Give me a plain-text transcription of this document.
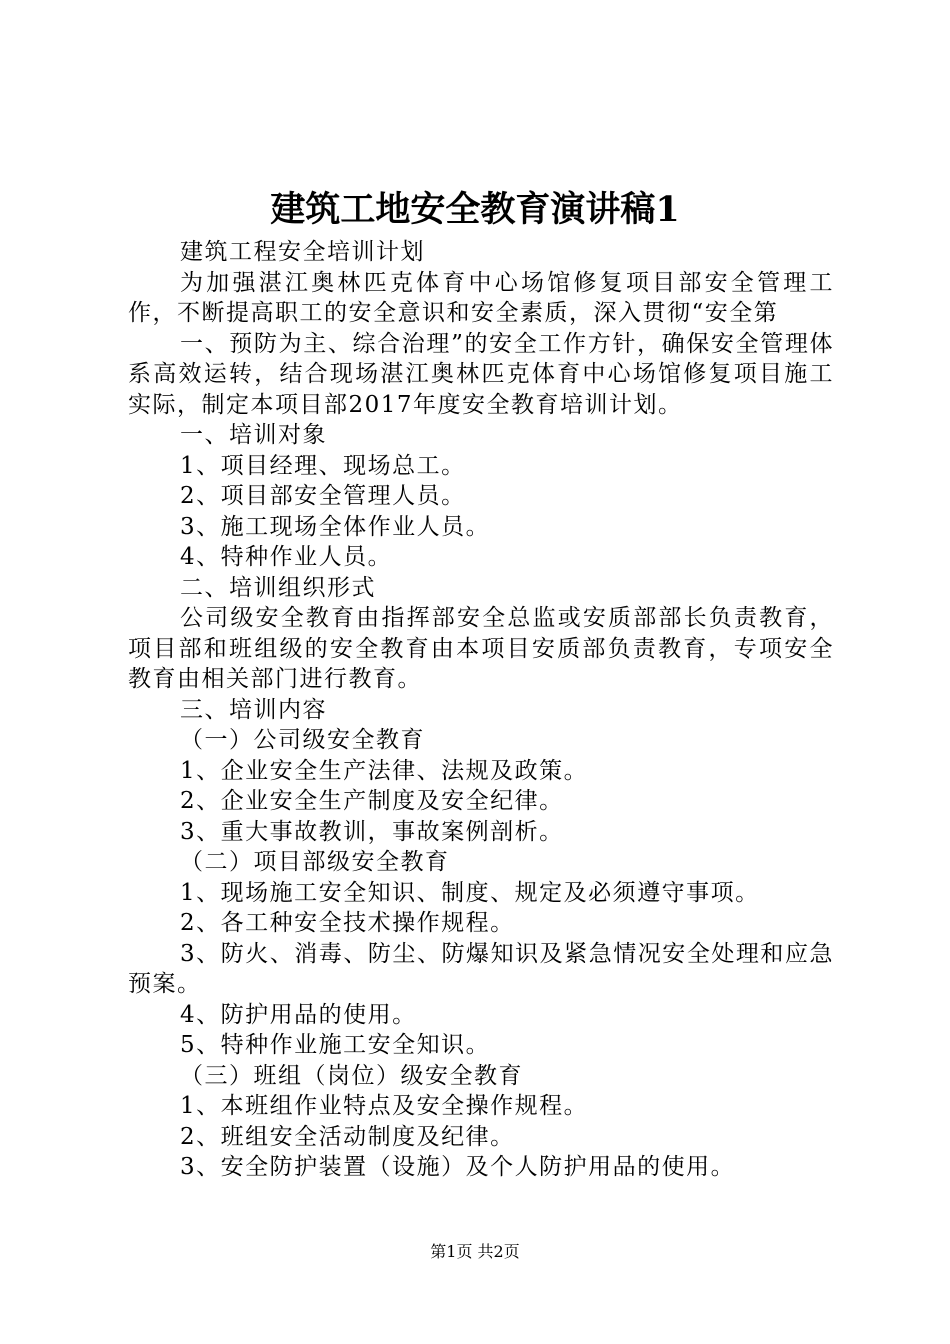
建筑工地安全教育演讲稿1

建筑工程安全培训计划

为加强湛江奥林匹克体育中心场馆修复项目部安全管理工作，不断提高职工的安全意识和安全素质，深入贯彻“安全第

一、预防为主、综合治理”的安全工作方针，确保安全管理体系高效运转，结合现场湛江奥林匹克体育中心场馆修复项目施工实际，制定本项目部2017年度安全教育培训计划。

一、培训对象

1、项目经理、现场总工。

2、项目部安全管理人员。

3、施工现场全体作业人员。

4、特种作业人员。

二、培训组织形式

公司级安全教育由指挥部安全总监或安质部部长负责教育，项目部和班组级的安全教育由本项目安质部负责教育，专项安全教育由相关部门进行教育。

三、培训内容

（一）公司级安全教育

1、企业安全生产法律、法规及政策。

2、企业安全生产制度及安全纪律。

3、重大事故教训，事故案例剖析。

（二）项目部级安全教育

1、现场施工安全知识、制度、规定及必须遵守事项。

2、各工种安全技术操作规程。

3、防火、消毒、防尘、防爆知识及紧急情况安全处理和应急预案。

4、防护用品的使用。

5、特种作业施工安全知识。

（三）班组（岗位）级安全教育

1、本班组作业特点及安全操作规程。

2、班组安全活动制度及纪律。

3、安全防护装置（设施）及个人防护用品的使用。

第1页 共2页
